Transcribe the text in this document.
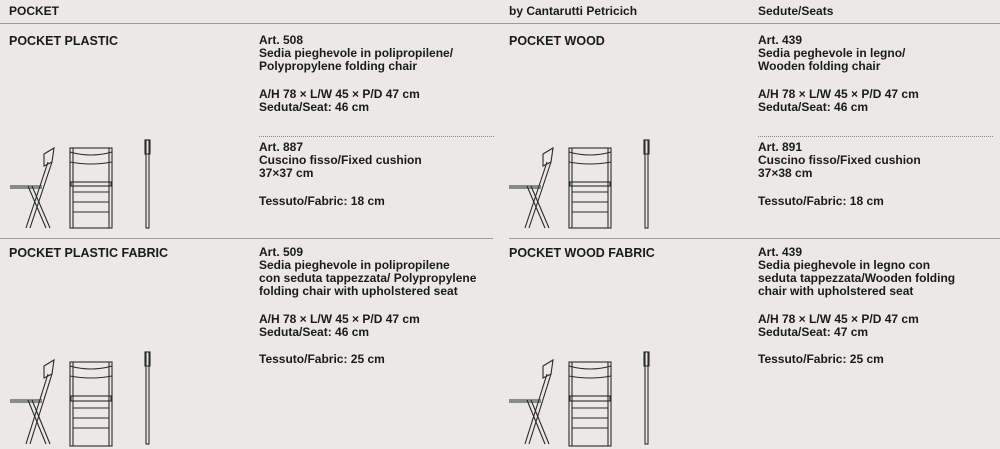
POCKET	by Cantarutti Petricich	Sedute/Seats
POCKET PLASTIC	Art. 508
Sedia pieghevole in polipropilene/
Polypropylene folding chair
A/H 78 × L/W 45 × P/D 47 cm
Seduta/Seat: 46 cm
Art. 887
Cuscino fisso/Fixed cushion
37×37 cm
Tessuto/Fabric: 18 cm
POCKET WOOD	Art. 439
Sedia peghevole in legno/
Wooden folding chair
A/H 78 × L/W 45 × P/D 47 cm
Seduta/Seat: 46 cm
Art. 891
Cuscino fisso/Fixed cushion
37×38 cm
Tessuto/Fabric: 18 cm
POCKET PLASTIC FABRIC	Art. 509
Sedia pieghevole in polipropilene
con seduta tappezzata/ Polypropylene
folding chair with upholstered seat
A/H 78 × L/W 45 × P/D 47 cm
Seduta/Seat: 46 cm
Tessuto/Fabric: 25 cm
POCKET WOOD FABRIC	Art. 439
Sedia pieghevole in legno con
seduta tappezzata/Wooden folding
chair with upholstered seat
A/H 78 × L/W 45 × P/D 47 cm
Seduta/Seat: 47 cm
Tessuto/Fabric: 25 cm
